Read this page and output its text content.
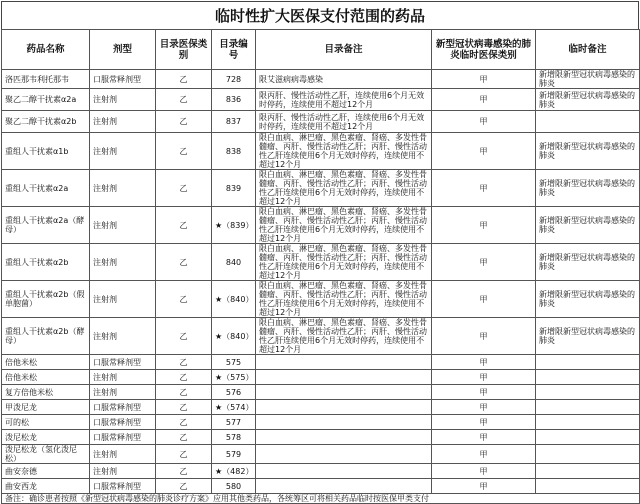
临时性扩大医保支付范围的药品
药品名称	剂型	目录医保类别	目录编号	目录备注	新型冠状病毒感染的肺炎临时医保类别	临时备注
洛匹那韦利托那韦	口服常释剂型	乙	728	限艾滋病病毒感染	甲	新增限新型冠状病毒感染的肺炎
聚乙二醇干扰素α2a	注射剂	乙	836	限丙肝、慢性活动性乙肝，连续使用6个月无效时停药，连续使用不超过12个月	甲	新增限新型冠状病毒感染的肺炎
聚乙二醇干扰素α2b	注射剂	乙	837	限丙肝、慢性活动性乙肝，连续使用6个月无效时停药，连续使用不超过12个月	甲	
重组人干扰素α1b	注射剂	乙	838	限白血病、淋巴瘤、黑色素瘤、肾癌、多发性骨髓瘤、丙肝、慢性活动性乙肝；丙肝、慢性活动性乙肝连续使用6个月无效时停药，连续使用不超过12个月	甲	新增限新型冠状病毒感染的肺炎
重组人干扰素α2a	注射剂	乙	839	限白血病、淋巴瘤、黑色素瘤、肾癌、多发性骨髓瘤、丙肝、慢性活动性乙肝；丙肝、慢性活动性乙肝连续使用6个月无效时停药，连续使用不超过12个月	甲	新增限新型冠状病毒感染的肺炎
重组人干扰素α2a（酵母）	注射剂	乙	★（839）	限白血病、淋巴瘤、黑色素瘤、肾癌、多发性骨髓瘤、丙肝、慢性活动性乙肝；丙肝、慢性活动性乙肝连续使用6个月无效时停药，连续使用不超过12个月	甲	新增限新型冠状病毒感染的肺炎
重组人干扰素α2b	注射剂	乙	840	限白血病、淋巴瘤、黑色素瘤、肾癌、多发性骨髓瘤、丙肝、慢性活动性乙肝；丙肝、慢性活动性乙肝连续使用6个月无效时停药，连续使用不超过12个月	甲	新增限新型冠状病毒感染的肺炎
重组人干扰素α2b（假单胞菌）	注射剂	乙	★（840）	限白血病、淋巴瘤、黑色素瘤、肾癌、多发性骨髓瘤、丙肝、慢性活动性乙肝；丙肝、慢性活动性乙肝连续使用6个月无效时停药，连续使用不超过12个月	甲	新增限新型冠状病毒感染的肺炎
重组人干扰素α2b（酵母）	注射剂	乙	★（840）	限白血病、淋巴瘤、黑色素瘤、肾癌、多发性骨髓瘤、丙肝、慢性活动性乙肝；丙肝、慢性活动性乙肝连续使用6个月无效时停药，连续使用不超过12个月	甲	新增限新型冠状病毒感染的肺炎
倍他米松	口服常释剂型	乙	575		甲	
倍他米松	注射剂	乙	★（575）		甲	
复方倍他米松	注射剂	乙	576		甲	
甲泼尼龙	口服常释剂型	乙	★（574）		甲	
可的松	口服常释剂型	乙	577		甲	
泼尼松龙	口服常释剂型	乙	578		甲	
泼尼松龙（氢化泼尼松）	注射剂	乙	579		甲	
曲安奈德	注射剂	乙	★（482）		甲	
曲安西龙	口服常释剂型	乙	580		甲	
备注：确诊患者按照《新型冠状病毒感染的肺炎诊疗方案》应用其他类药品，各统筹区可将相关药品临时按医保甲类支付						
